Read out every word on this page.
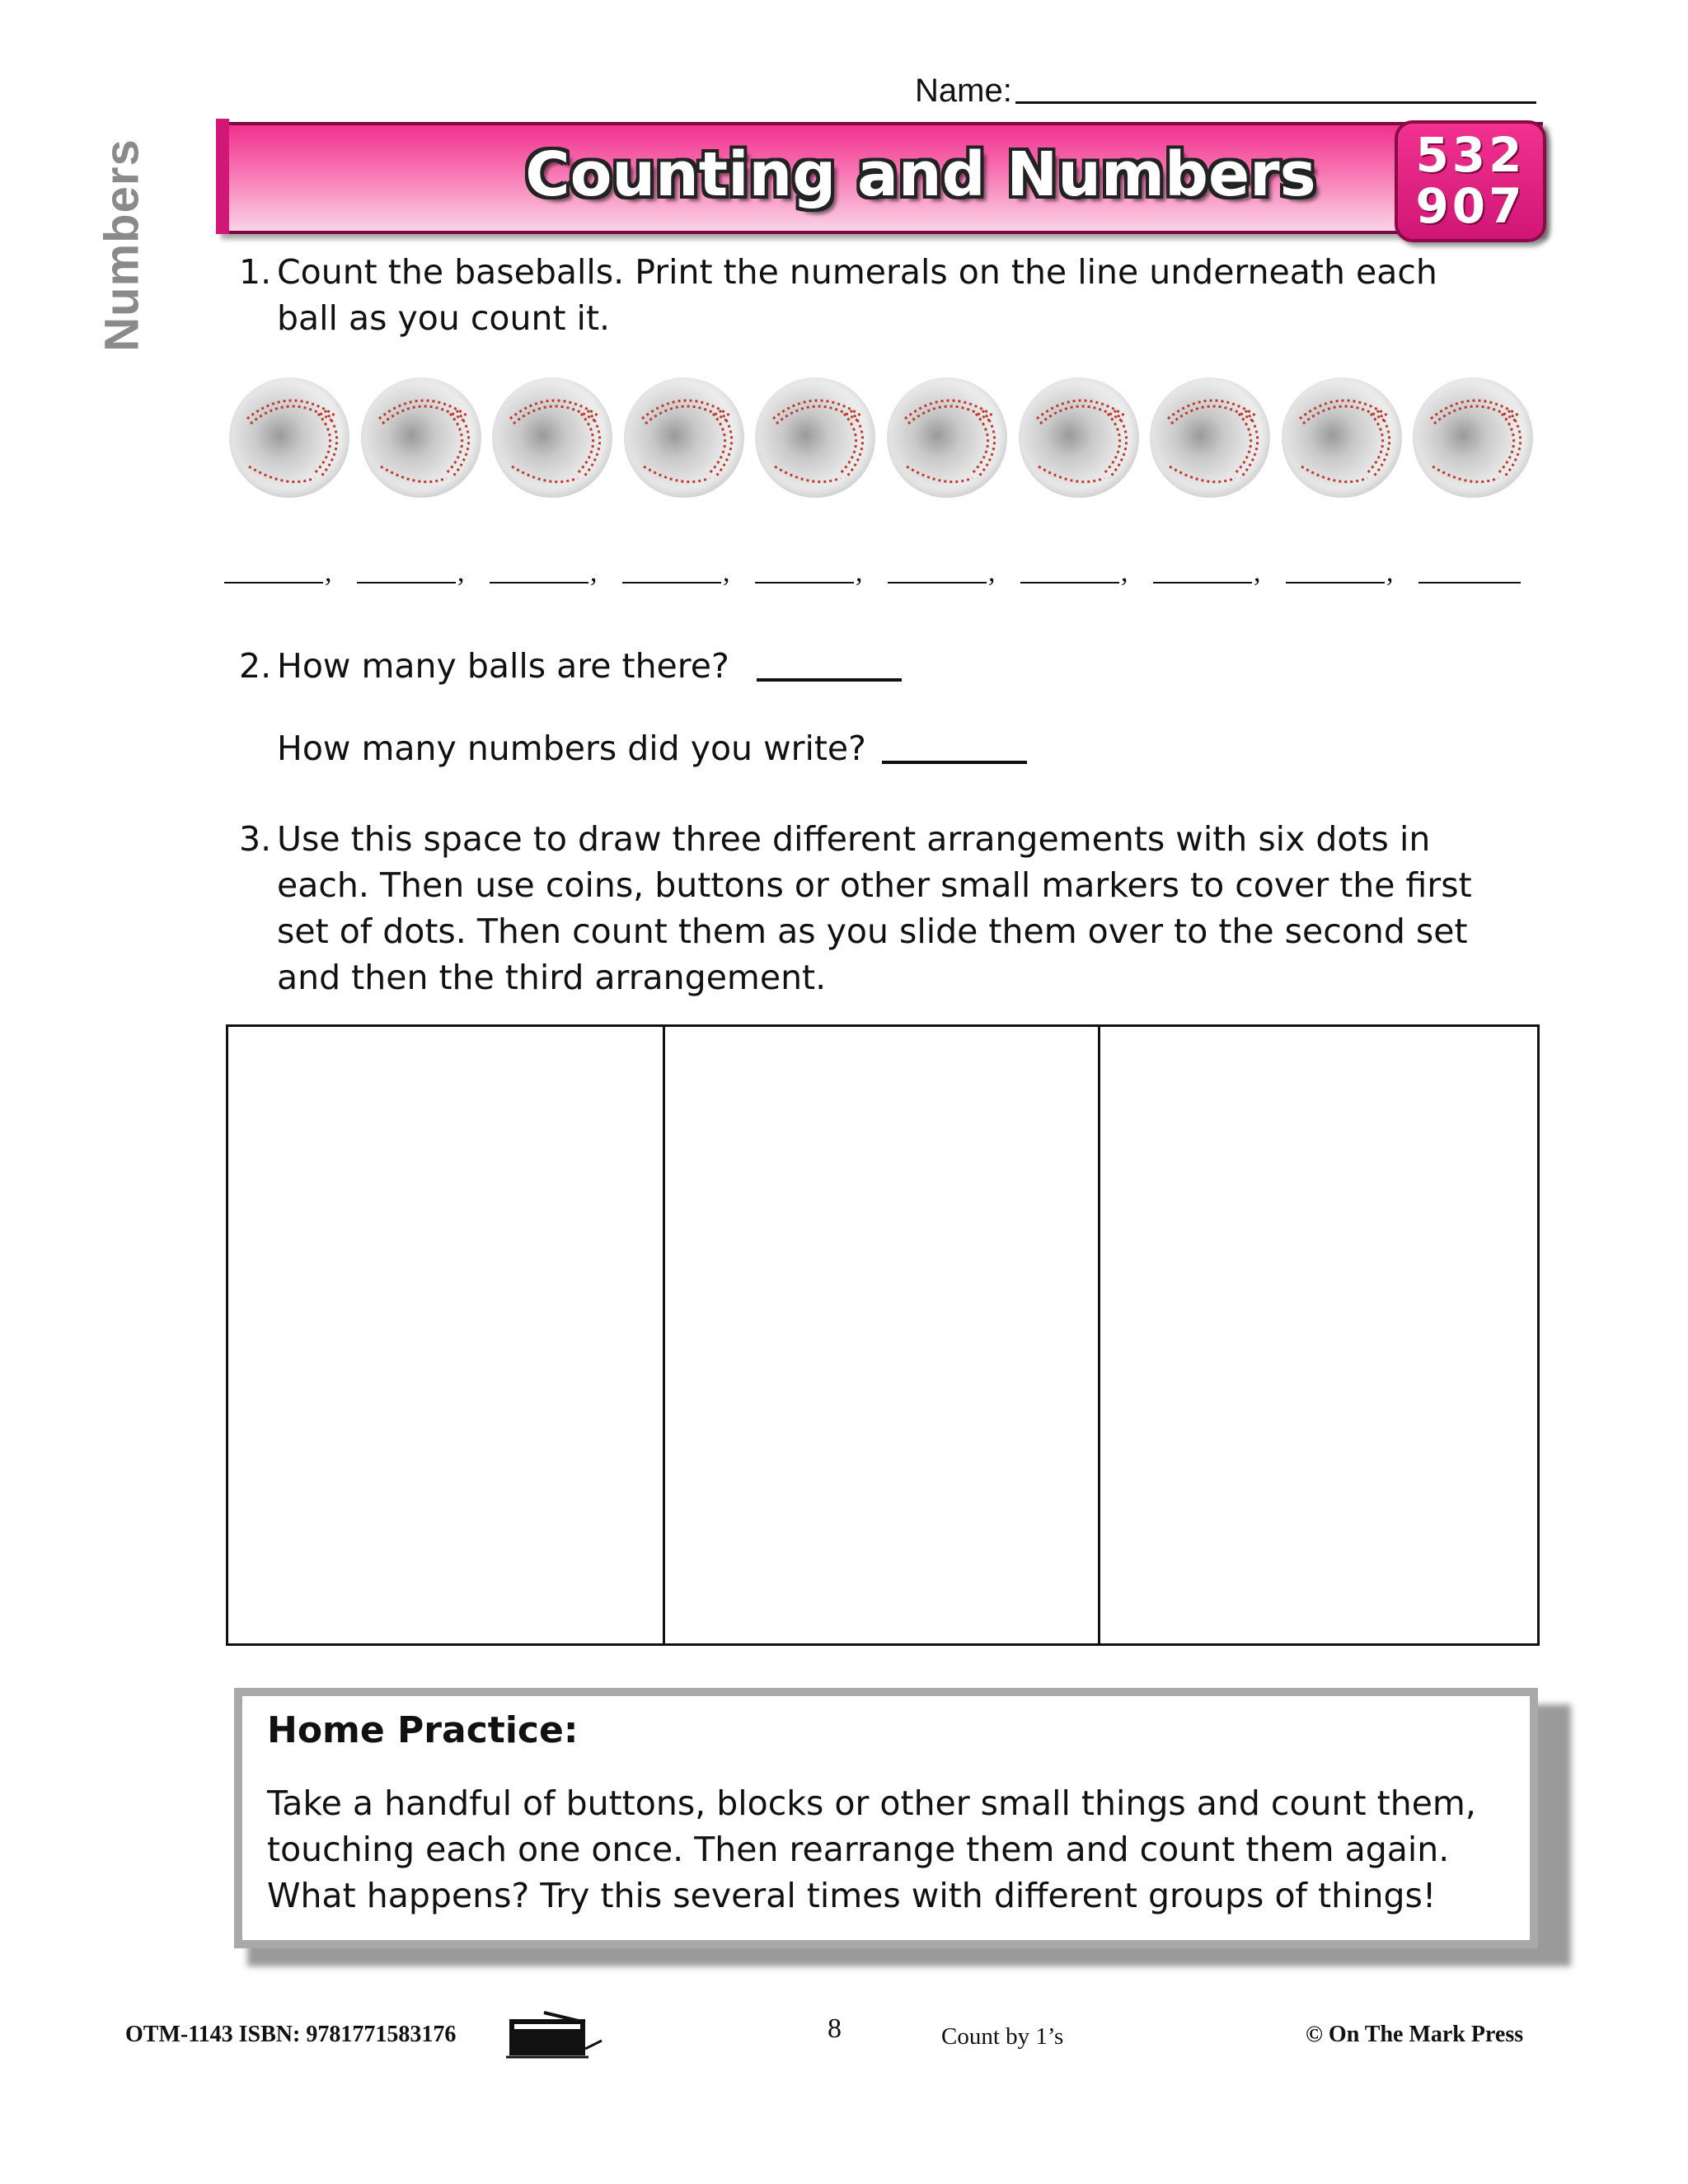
Numbers
Name:
Counting and Numbers	532
907
1. Count the baseballs. Print the numerals on the line underneath each
ball as you count it.
,	,	,	,	,	,	,	,	,
2. How many balls are there?
How many numbers did you write?
3. Use this space to draw three different arrangements with six dots in
each. Then use coins, buttons or other small markers to cover the first
set of dots. Then count them as you slide them over to the second set
and then the third arrangement.
Home Practice:
Take a handful of buttons, blocks or other small things and count them,
touching each one once. Then rearrange them and count them again.
What happens? Try this several times with different groups of things!
OTM-1143 ISBN: 9781771583176	8	Count by 1’s	© On The Mark Press
